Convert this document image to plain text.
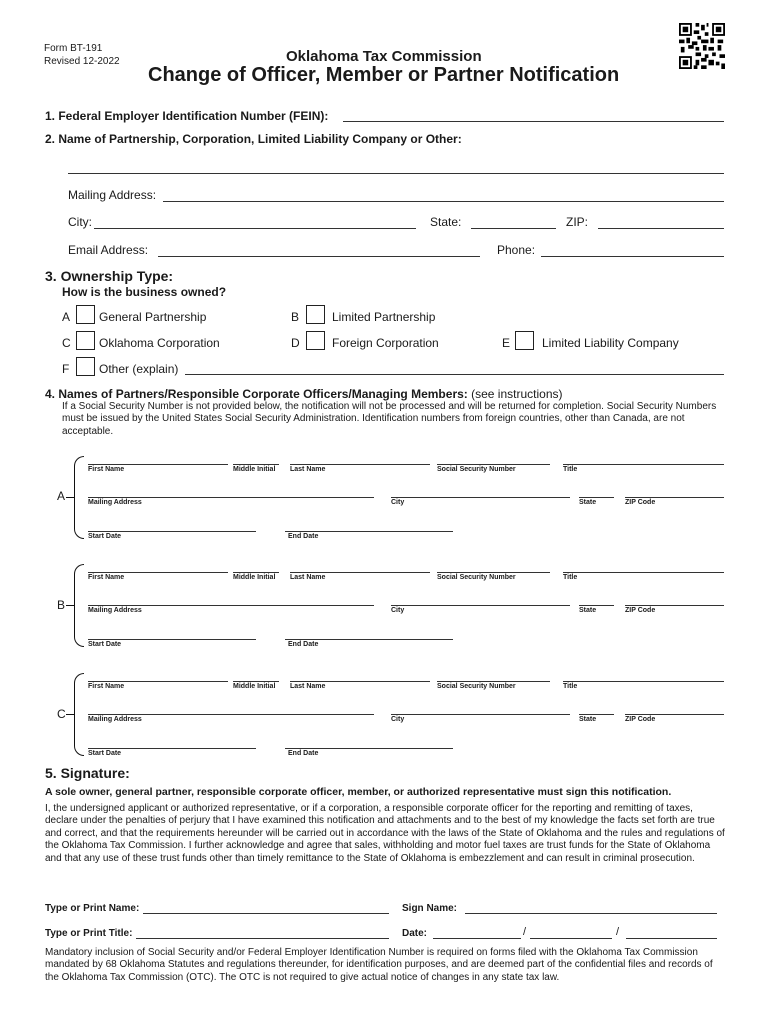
Form BT-191
Revised 12-2022	Oklahoma Tax Commission
Change of Officer, Member or Partner Notification
1. Federal Employer Identification Number (FEIN):
2. Name of Partnership, Corporation, Limited Liability Company or Other:
Mailing Address:
City:	State:	ZIP:
Email Address:	Phone:
3. Ownership Type:
How is the business owned?
A General Partnership	B	Limited Partnership
C Oklahoma Corporation	D	Foreign Corporation	E	Limited Liability Company
F Other (explain)
4. Names of Partners/Responsible Corporate Officers/Managing Members: (see instructions)
If a Social Security Number is not provided below, the notification will not be processed and will be returned for completion. Social Security Numbers must be issued by the United States Social Security Administration. Identification numbers from foreign countries, other than Canada, are not acceptable.
A
First Name	Middle Initial Last Name	Social Security Number	Title
Mailing Address	City	State	ZIP Code
Start Date	End Date
B
First Name	Middle Initial Last Name	Social Security Number	Title
Mailing Address	City	State	ZIP Code
Start Date	End Date
C
First Name	Middle Initial Last Name	Social Security Number	Title
Mailing Address	City	State	ZIP Code
Start Date	End Date
5. Signature:
A sole owner, general partner, responsible corporate officer, member, or authorized representative must sign this notification.
I, the undersigned applicant or authorized representative, or if a corporation, a responsible corporate officer for the reporting and remitting of taxes, declare under the penalties of perjury that I have examined this notification and attachments and to the best of my knowledge the facts set forth are true and correct, and that the requirements hereunder will be carried out in accordance with the laws of the State of Oklahoma and the rules and regulations of the Oklahoma Tax Commission. I further acknowledge and agree that sales, withholding and motor fuel taxes are trust funds for the State of Oklahoma and that any use of these trust funds other than timely remittance to the State of Oklahoma is embezzlement and can result in criminal prosecution.
Type or Print Name:	Sign Name:
Type or Print Title:	Date:	/	/
Mandatory inclusion of Social Security and/or Federal Employer Identification Number is required on forms filed with the Oklahoma Tax Commission mandated by 68 Oklahoma Statutes and regulations thereunder, for identification purposes, and are deemed part of the confidential files and records of the Oklahoma Tax Commission (OTC). The OTC is not required to give actual notice of changes in any state tax law.
